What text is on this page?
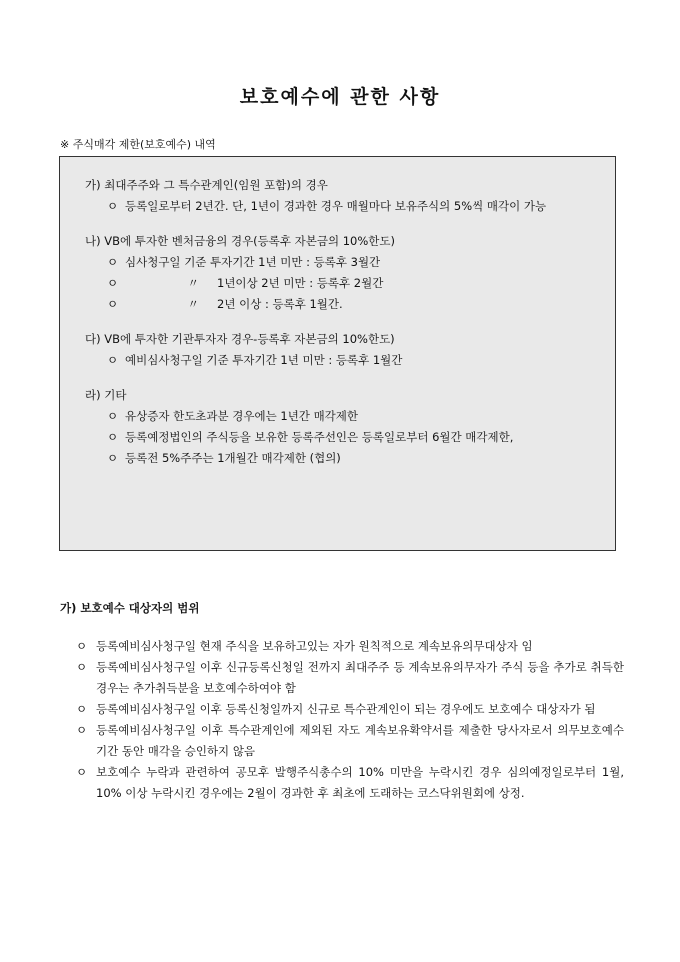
보호예수에 관한 사항
※ 주식매각 제한(보호예수) 내역
가) 최대주주와 그 특수관계인(임원 포함)의 경우
ㅇ 등록일로부터 2년간. 단, 1년이 경과한 경우 매월마다 보유주식의 5%씩 매각이 가능
나) VB에 투자한 벤처금융의 경우(등록후 자본금의 10%한도)
ㅇ 심사청구일 기준 투자기간 1년 미만 : 등록후 3월간
ㅇ	〃 1년이상 2년 미만 : 등록후 2월간
ㅇ	〃 2년 이상 : 등록후 1월간.
다) VB에 투자한 기관투자자 경우-등록후 자본금의 10%한도)
ㅇ 예비심사청구일 기준 투자기간 1년 미만 : 등록후 1월간
라) 기타
ㅇ 유상증자 한도초과분 경우에는 1년간 매각제한
ㅇ 등록예정법인의 주식등을 보유한 등록주선인은 등록일로부터 6월간 매각제한,
ㅇ 등록전 5%주주는 1개월간 매각제한 (협의)
가) 보호예수 대상자의 범위
ㅇ 등록예비심사청구일 현재 주식을 보유하고있는 자가 원칙적으로 계속보유의무대상자 임
ㅇ 등록예비심사청구일 이후 신규등록신청일 전까지 최대주주 등 계속보유의무자가 주식 등을 추가로 취득한 경우는 추가취득분을 보호예수하여야 함
ㅇ 등록예비심사청구일 이후 등록신청일까지 신규로 특수관계인이 되는 경우에도 보호예수 대상자가 됨
ㅇ 등록예비심사청구일 이후 특수관계인에 제외된 자도 계속보유확약서를 제출한 당사자로서 의무보호예수기간 동안 매각을 승인하지 않음
ㅇ 보호예수 누락과 관련하여 공모후 발행주식총수의 10% 미만을 누락시킨 경우 심의예정일로부터 1월, 10% 이상 누락시킨 경우에는 2월이 경과한 후 최초에 도래하는 코스닥위원회에 상정.
